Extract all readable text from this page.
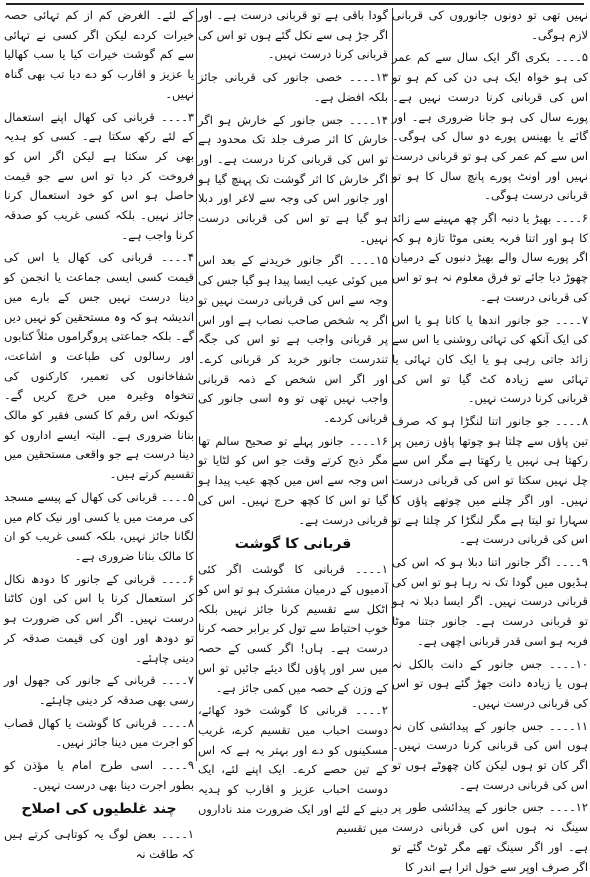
نہیں تھی تو دونوں جانوروں کی قربانی لازم ہوگی۔

۵۔۔۔۔ بکری اگر ایک سال سے کم عمر کی ہو خواہ ایک ہی دن کی کم ہو تو اس کی قربانی کرنا درست نہیں ہے۔ پورے سال کی ہو جانا ضروری ہے۔ اور گائے یا بھینس پورے دو سال کی ہوگی۔ اس سے کم عمر کی ہو تو قربانی درست نہیں اور اونٹ پورے پانچ سال کا ہو تو قربانی درست ہوگی۔

۶۔۔۔۔ بھیڑ یا دنبہ اگر چھ مہینے سے زائد کا ہو اور اتنا فربہ یعنی موٹا تازہ ہو کہ اگر پورے سال والے بھیڑ دنبوں کے درمیان چھوڑ دیا جائے تو فرق معلوم نہ ہو تو اس کی قربانی درست ہے۔

۷۔۔۔۔ جو جانور اندھا یا کانا ہو یا اس کی ایک آنکھ کی تہائی روشنی یا اس سے زائد جاتی رہی ہو یا ایک کان تہائی یا تہائی سے زیادہ کٹ گیا تو اس کی قربانی کرنا درست نہیں۔

۸۔۔۔۔ جو جانور اتنا لنگڑا ہو کہ صرف تین پاؤں سے چلتا ہو چوتھا پاؤں زمین پر رکھتا ہی نہیں یا رکھتا ہے مگر اس سے چل نہیں سکتا تو اس کی قربانی درست نہیں۔ اور اگر چلنے میں چوتھے پاؤں کا سہارا تو لیتا ہے مگر لنگڑا کر چلتا ہے تو اس کی قربانی درست ہے۔

۹۔۔۔۔ اگر جانور اتنا دبلا ہو کہ اس کی ہڈیوں میں گودا تک نہ رہا ہو تو اس کی قربانی درست نہیں۔ اگر ایسا دبلا نہ ہو تو قربانی درست ہے۔ جانور جتنا موٹا فربہ ہو اسی قدر قربانی اچھی ہے۔

۱۰۔۔۔۔ جس جانور کے دانت بالکل نہ ہوں یا زیادہ دانت جھڑ گئے ہوں تو اس کی قربانی درست نہیں۔

۱۱۔۔۔۔ جس جانور کے پیدائشی کان نہ ہوں اس کی قربانی کرنا درست نہیں۔ اگر کان تو ہوں لیکن کان چھوٹے ہوں تو اس کی قربانی درست ہے۔

۱۲۔۔۔۔ جس جانور کے پیدائشی طور پر سینگ نہ ہوں اس کی قربانی درست ہے۔ اور اگر سینگ تھے مگر ٹوٹ گئے تو اگر صرف اوپر سے خول اترا ہے اندر کا

گودا باقی ہے تو قربانی درست ہے۔ اور اگر جڑ ہی سے نکل گئے ہوں تو اس کی قربانی کرنا درست نہیں۔

۱۳۔۔۔۔ خصی جانور کی قربانی جائز بلکہ افضل ہے۔

۱۴۔۔۔۔ جس جانور کے خارش ہو اگر خارش کا اثر صرف جلد تک محدود ہے تو اس کی قربانی کرنا درست ہے۔ اور اگر خارش کا اثر گوشت تک پہنچ گیا ہو اور جانور اس کی وجہ سے لاغر اور دبلا ہو گیا ہے تو اس کی قربانی درست نہیں۔

۱۵۔۔۔۔ اگر جانور خریدنے کے بعد اس میں کوئی عیب ایسا پیدا ہو گیا جس کی وجہ سے اس کی قربانی درست نہیں تو اگر یہ شخص صاحب نصاب ہے اور اس پر قربانی واجب ہے تو اس کی جگہ تندرست جانور خرید کر قربانی کرے۔ اور اگر اس شخص کے ذمہ قربانی واجب نہیں تھی تو وہ اسی جانور کی قربانی کردے۔

۱۶۔۔۔۔ جانور پہلے تو صحیح سالم تھا مگر ذبح کرتے وقت جو اس کو لٹایا تو اس وجہ سے اس میں کچھ عیب پیدا ہو گیا تو اس کا کچھ حرج نہیں۔ اس کی قربانی درست ہے۔

قربانی کا گوشت

۱۔۔۔۔ قربانی کا گوشت اگر کئی آدمیوں کے درمیان مشترک ہو تو اس کو اٹکل سے تقسیم کرنا جائز نہیں بلکہ خوب احتیاط سے تول کر برابر حصہ کرنا درست ہے۔ ہاں! اگر کسی کے حصہ میں سر اور پاؤں لگا دیئے جائیں تو اس کے وزن کے حصہ میں کمی جائز ہے۔

۲۔۔۔۔ قربانی کا گوشت خود کھائے، دوست احباب میں تقسیم کرے، غریب مسکینوں کو دے اور بہتر یہ ہے کہ اس کے تین حصے کرے۔ ایک اپنے لئے، ایک دوست احباب عزیز و اقارب کو ہدیہ دینے کے لئے اور ایک ضرورت مند ناداروں میں تقسیم

کے لئے۔ الغرض کم از کم تہائی حصہ خیرات کردے لیکن اگر کسی نے تہائی سے کم گوشت خیرات کیا یا سب کھالیا یا عزیز و اقارب کو دے دیا تب بھی گناہ نہیں۔

۳۔۔۔۔ قربانی کی کھال اپنے استعمال کے لئے رکھ سکتا ہے۔ کسی کو ہدیہ بھی کر سکتا ہے لیکن اگر اس کو فروخت کر دیا تو اس سے جو قیمت حاصل ہو اس کو خود استعمال کرنا جائز نہیں۔ بلکہ کسی غریب کو صدقہ کرنا واجب ہے۔

۴۔۔۔۔ قربانی کی کھال یا اس کی قیمت کسی ایسی جماعت یا انجمن کو دینا درست نہیں جس کے بارے میں اندیشہ ہو کہ وہ مستحقین کو نہیں دیں گے۔ بلکہ جماعتی پروگراموں مثلاً کتابوں اور رسالوں کی طباعت و اشاعت، شفاخانوں کی تعمیر، کارکنوں کی تنخواہ وغیرہ میں خرچ کریں گے۔ کیونکہ اس رقم کا کسی فقیر کو مالک بنانا ضروری ہے۔ البتہ ایسے اداروں کو دینا درست ہے جو واقعی مستحقین میں تقسیم کرتے ہیں۔

۵۔۔۔۔ قربانی کی کھال کے پیسے مسجد کی مرمت میں یا کسی اور نیک کام میں لگانا جائز نہیں، بلکہ کسی غریب کو ان کا مالک بنانا ضروری ہے۔

۶۔۔۔۔ قربانی کے جانور کا دودھ نکال کر استعمال کرنا یا اس کی اون کاٹنا درست نہیں۔ اگر اس کی ضرورت ہو تو دودھ اور اون کی قیمت صدقہ کر دینی چاہئے۔

۷۔۔۔۔ قربانی کے جانور کی جھول اور رسی بھی صدقہ کر دینی چاہئے۔

۸۔۔۔۔ قربانی کا گوشت یا کھال قصاب کو اجرت میں دینا جائز نہیں۔

۹۔۔۔۔ اسی طرح امام یا مؤذن کو بطور اجرت دینا بھی درست نہیں۔

چند غلطیوں کی اصلاح

۱۔۔۔۔ بعض لوگ یہ کوتاہی کرتے ہیں کہ طاقت نہ
